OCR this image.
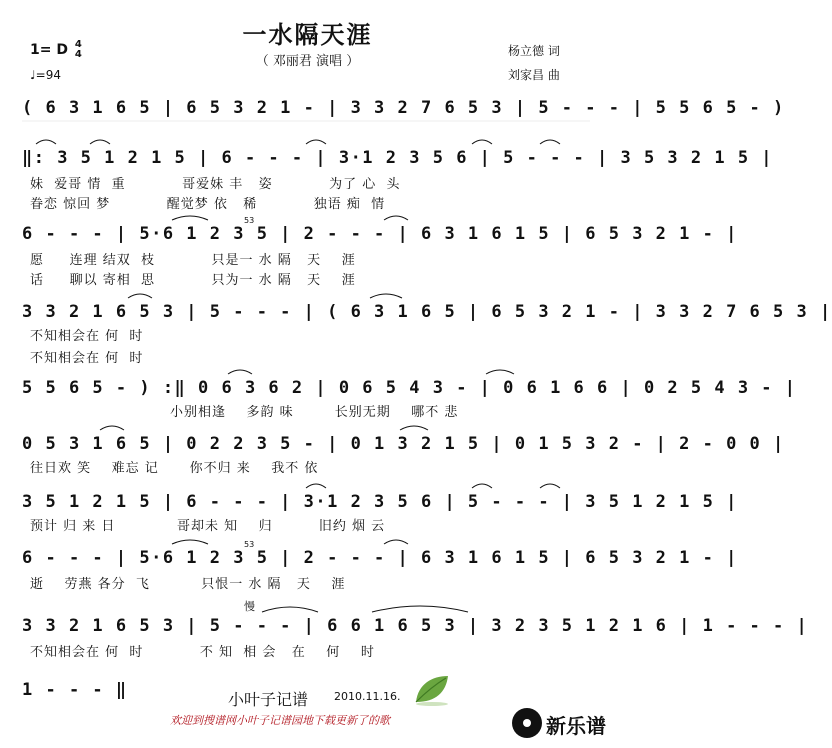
一水隔天涯
（ 邓丽君 演唱 ）
1= D 4
4
♩=94
杨立德 词
刘家昌 曲
( 6 3 1 6 5 | 6 5 3 2 1 - | 3 3 2 7 6 5 3 | 5 - - - | 5 5 6 5 - )
‖: 3 5 1 2 1 5 | 6 - - - | 3·1 2 3 5 6 | 5 - - - | 3 5 3 2 1 5 |
6 - - - | 5·6 1 2 3 5 | 2 - - - | 6 3 1 6 1 5 | 6 5 3 2 1 - |
3 3 2 1 6 5 3 | 5 - - - | ( 6 3 1 6 5 | 6 5 3 2 1 - | 3 3 2 7 6 5 3 |
5 5 6 5 - ) :‖ 0 6 3 6 2 | 0 6 5 4 3 - | 0 6 1 6 6 | 0 2 5 4 3 - |
0 5 3 1 6 5 | 0 2 2 3 5 - | 0 1 3 2 1 5 | 0 1 5 3 2 - | 2 - 0 0 |
3 5 1 2 1 5 | 6 - - - | 3·1 2 3 5 6 | 5 - - - | 3 5 1 2 1 5 |
6 - - - | 5·6 1 2 3 5 | 2 - - - | 6 3 1 6 1 5 | 6 5 3 2 1 - |
3 3 2 1 6 5 3 | 5 - - - | 6 6 1 6 5 3 | 3 2 3 5 1 2 1 6 | 1 - - - |
1 - - - ‖
妹  爱哥 情  重           哥爱妹 丰   姿           为了 心  头
眷恋 惊回 梦           醒觉梦 依   稀           独语 痴  情
愿     连理 结双  枝           只是一 水 隔   天    涯
话     聊以 寄相  思           只为一 水 隔   天    涯
不知相会在 何  时
不知相会在 何  时
小别相逢    多韵 味        长别无期    哪不 悲
往日欢 笑    难忘 记      你不归 来    我不 依
预计 归 来 日            哥却未 知    归         旧约 烟 云
逝    劳燕 各分  飞          只恨一 水 隔   天    涯
不知相会在 何  时           不 知  相 会   在    何    时
慢
53
53
小叶子记谱 2010.11.16.
欢迎到搜谱网小叶子记谱园地下载更新了的歌	新乐谱
